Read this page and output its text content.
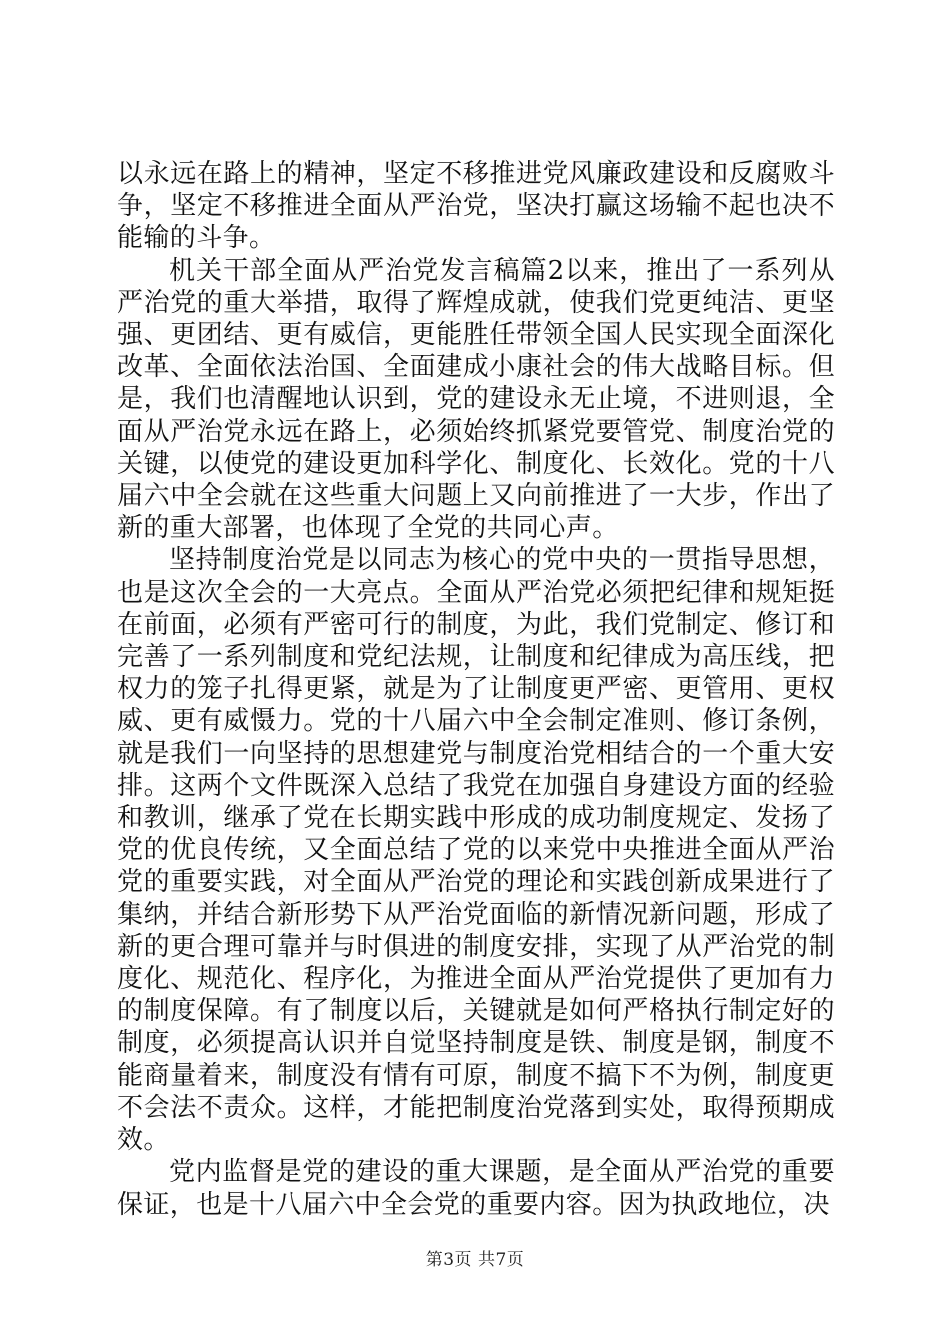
以永远在路上的精神，坚定不移推进党风廉政建设和反腐败斗争，坚定不移推进全面从严治党，坚决打赢这场输不起也决不能输的斗争。

机关干部全面从严治党发言稿篇2以来，推出了一系列从严治党的重大举措，取得了辉煌成就，使我们党更纯洁、更坚强、更团结、更有威信，更能胜任带领全国人民实现全面深化改革、全面依法治国、全面建成小康社会的伟大战略目标。但是，我们也清醒地认识到，党的建设永无止境，不进则退，全面从严治党永远在路上，必须始终抓紧党要管党、制度治党的关键，以使党的建设更加科学化、制度化、长效化。党的十八届六中全会就在这些重大问题上又向前推进了一大步，作出了新的重大部署，也体现了全党的共同心声。

坚持制度治党是以同志为核心的党中央的一贯指导思想，也是这次全会的一大亮点。全面从严治党必须把纪律和规矩挺在前面，必须有严密可行的制度，为此，我们党制定、修订和完善了一系列制度和党纪法规，让制度和纪律成为高压线，把权力的笼子扎得更紧，就是为了让制度更严密、更管用、更权威、更有威慑力。党的十八届六中全会制定准则、修订条例，就是我们一向坚持的思想建党与制度治党相结合的一个重大安排。这两个文件既深入总结了我党在加强自身建设方面的经验和教训，继承了党在长期实践中形成的成功制度规定、发扬了党的优良传统，又全面总结了党的以来党中央推进全面从严治党的重要实践，对全面从严治党的理论和实践创新成果进行了集纳，并结合新形势下从严治党面临的新情况新问题，形成了新的更合理可靠并与时俱进的制度安排，实现了从严治党的制度化、规范化、程序化，为推进全面从严治党提供了更加有力的制度保障。有了制度以后，关键就是如何严格执行制定好的制度，必须提高认识并自觉坚持制度是铁、制度是钢，制度不能商量着来，制度没有情有可原，制度不搞下不为例，制度更不会法不责众。这样，才能把制度治党落到实处，取得预期成效。

党内监督是党的建设的重大课题，是全面从严治党的重要保证，也是十八届六中全会党的重要内容。因为执政地位，决

第3页 共7页
